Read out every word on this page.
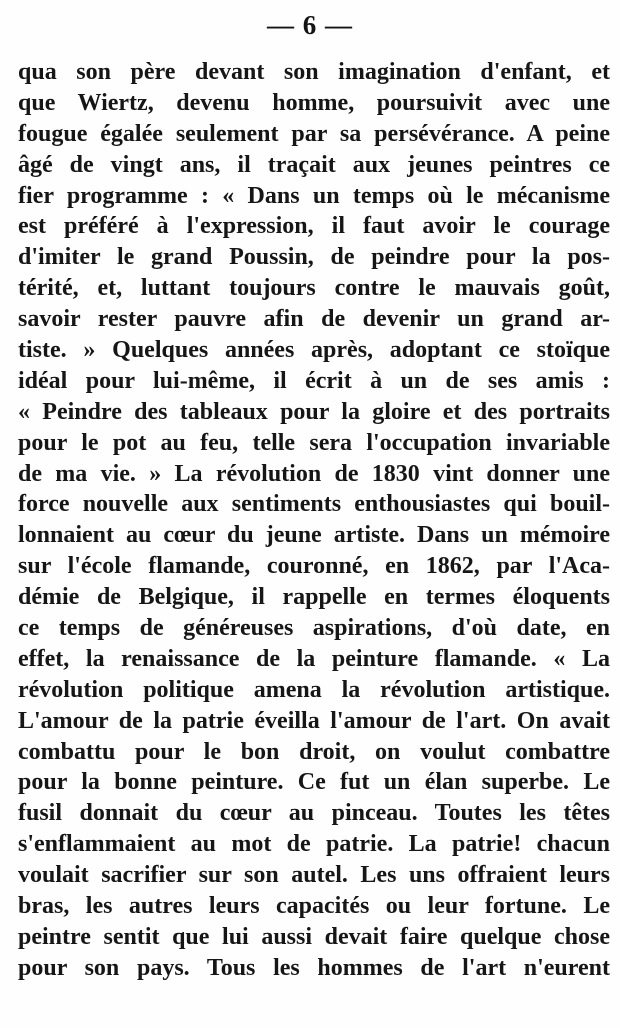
— 6 —
qua son père devant son imagination d'enfant, et
que Wiertz, devenu homme, poursuivit avec une
fougue égalée seulement par sa persévérance. A peine
âgé de vingt ans, il traçait aux jeunes peintres ce
fier programme : « Dans un temps où le mécanisme
est préféré à l'expression, il faut avoir le courage
d'imiter le grand Poussin, de peindre pour la pos-
térité, et, luttant toujours contre le mauvais goût,
savoir rester pauvre afin de devenir un grand ar-
tiste. » Quelques années après, adoptant ce stoïque
idéal pour lui-même, il écrit à un de ses amis :
« Peindre des tableaux pour la gloire et des portraits
pour le pot au feu, telle sera l'occupation invariable
de ma vie. » La révolution de 1830 vint donner une
force nouvelle aux sentiments enthousiastes qui bouil-
lonnaient au cœur du jeune artiste. Dans un mémoire
sur l'école flamande, couronné, en 1862, par l'Aca-
démie de Belgique, il rappelle en termes éloquents
ce temps de généreuses aspirations, d'où date, en
effet, la renaissance de la peinture flamande. « La
révolution politique amena la révolution artistique.
L'amour de la patrie éveilla l'amour de l'art. On avait
combattu pour le bon droit, on voulut combattre
pour la bonne peinture. Ce fut un élan superbe. Le
fusil donnait du cœur au pinceau. Toutes les têtes
s'enflammaient au mot de patrie. La patrie! chacun
voulait sacrifier sur son autel. Les uns offraient leurs
bras, les autres leurs capacités ou leur fortune. Le
peintre sentit que lui aussi devait faire quelque chose
pour son pays. Tous les hommes de l'art n'eurent
